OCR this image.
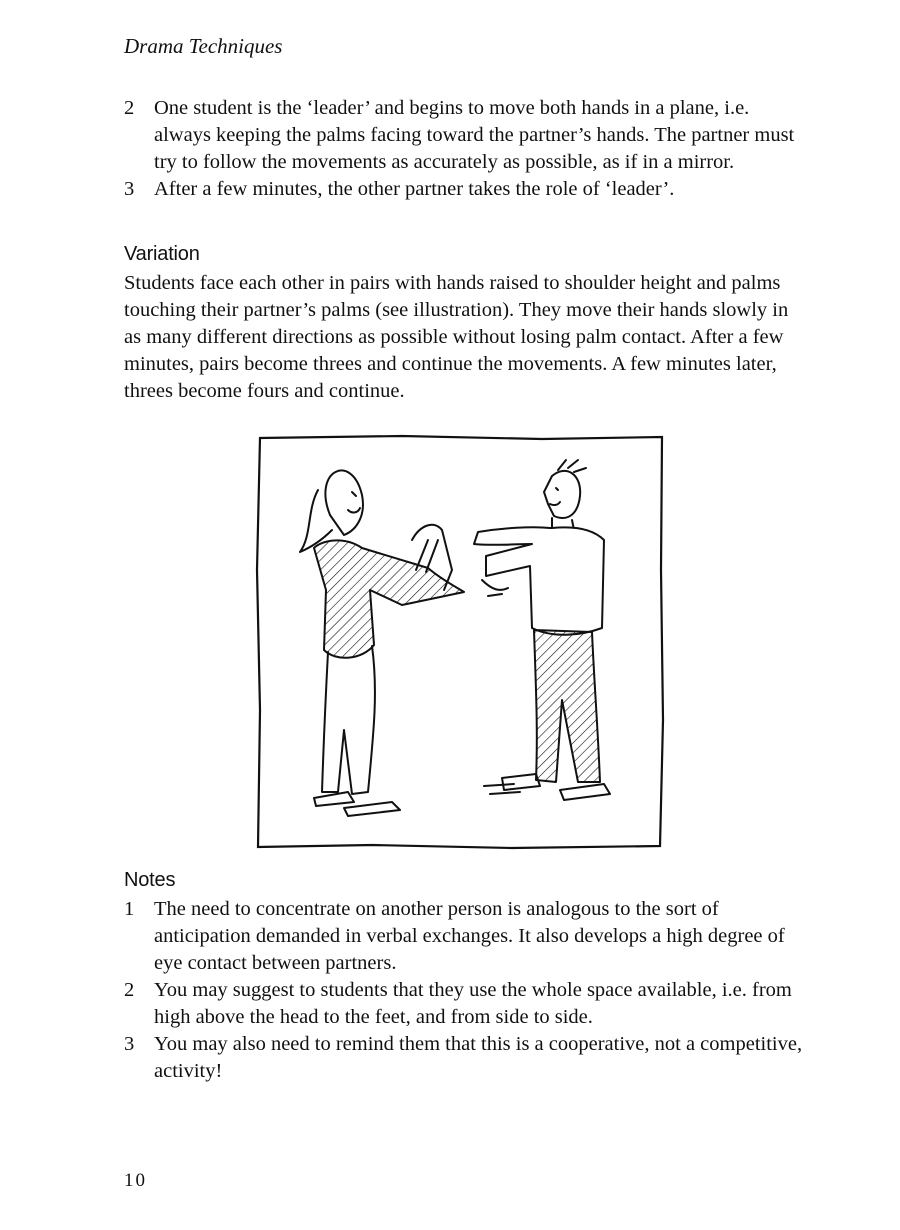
Drama Techniques
2 One student is the ‘leader’ and begins to move both hands in a plane, i.e. always keeping the palms facing toward the partner’s hands. The partner must try to follow the movements as accurately as possible, as if in a mirror.
3 After a few minutes, the other partner takes the role of ‘leader’.
Variation

Students face each other in pairs with hands raised to shoulder height and palms touching their partner’s palms (see illustration). They move their hands slowly in as many different directions as possible without losing palm contact. After a few minutes, pairs become threes and continue the movements. A few minutes later, threes become fours and continue.

Notes
1 The need to concentrate on another person is analogous to the sort of anticipation demanded in verbal exchanges. It also develops a high degree of eye contact between partners.
2 You may suggest to students that they use the whole space available, i.e. from high above the head to the feet, and from side to side.
3 You may also need to remind them that this is a cooperative, not a competitive, activity!
10
